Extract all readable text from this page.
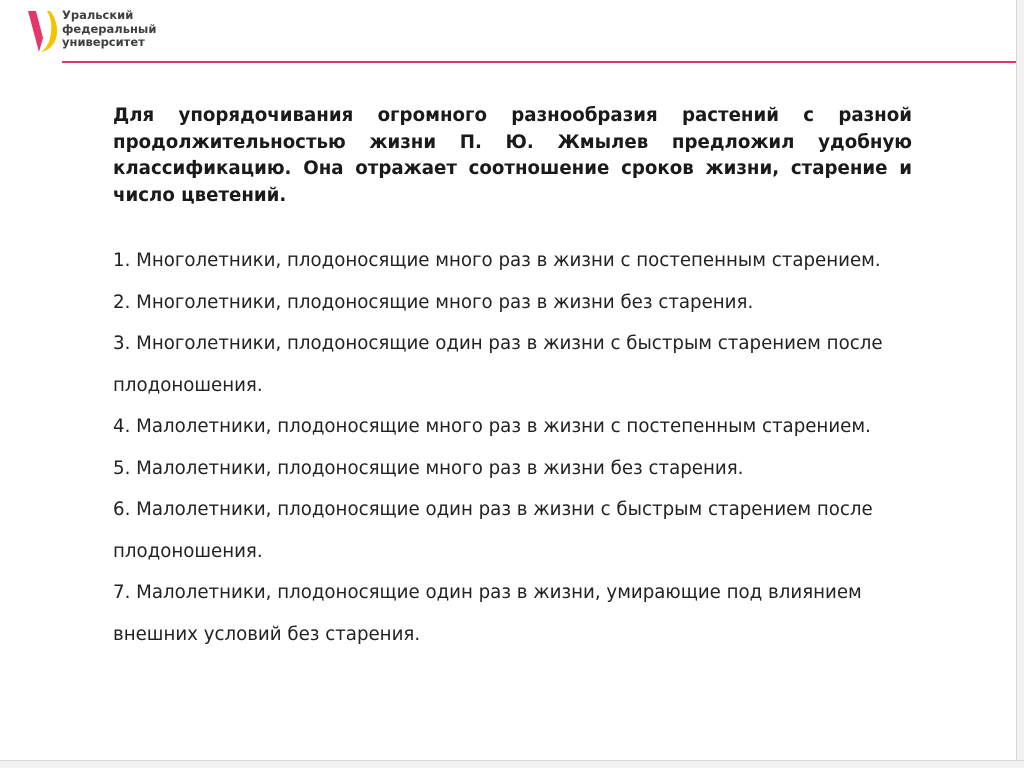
Уральский
федеральный
университет

Для упорядочивания огромного разнообразия растений с разной продолжительностью жизни П. Ю. Жмылев предложил удобную классификацию. Она отражает соотношение сроков жизни, старение и число цветений.

1. Многолетники, плодоносящие много раз в жизни с постепенным старением.
2. Многолетники, плодоносящие много раз в жизни без старения.
3. Многолетники, плодоносящие один раз в жизни с быстрым старением после плодоношения.
4. Малолетники, плодоносящие много раз в жизни с постепенным старением.
5. Малолетники, плодоносящие много раз в жизни без старения.
6. Малолетники, плодоносящие один раз в жизни с быстрым старением после плодоношения.
7. Малолетники, плодоносящие один раз в жизни, умирающие под влиянием внешних условий без старения.
